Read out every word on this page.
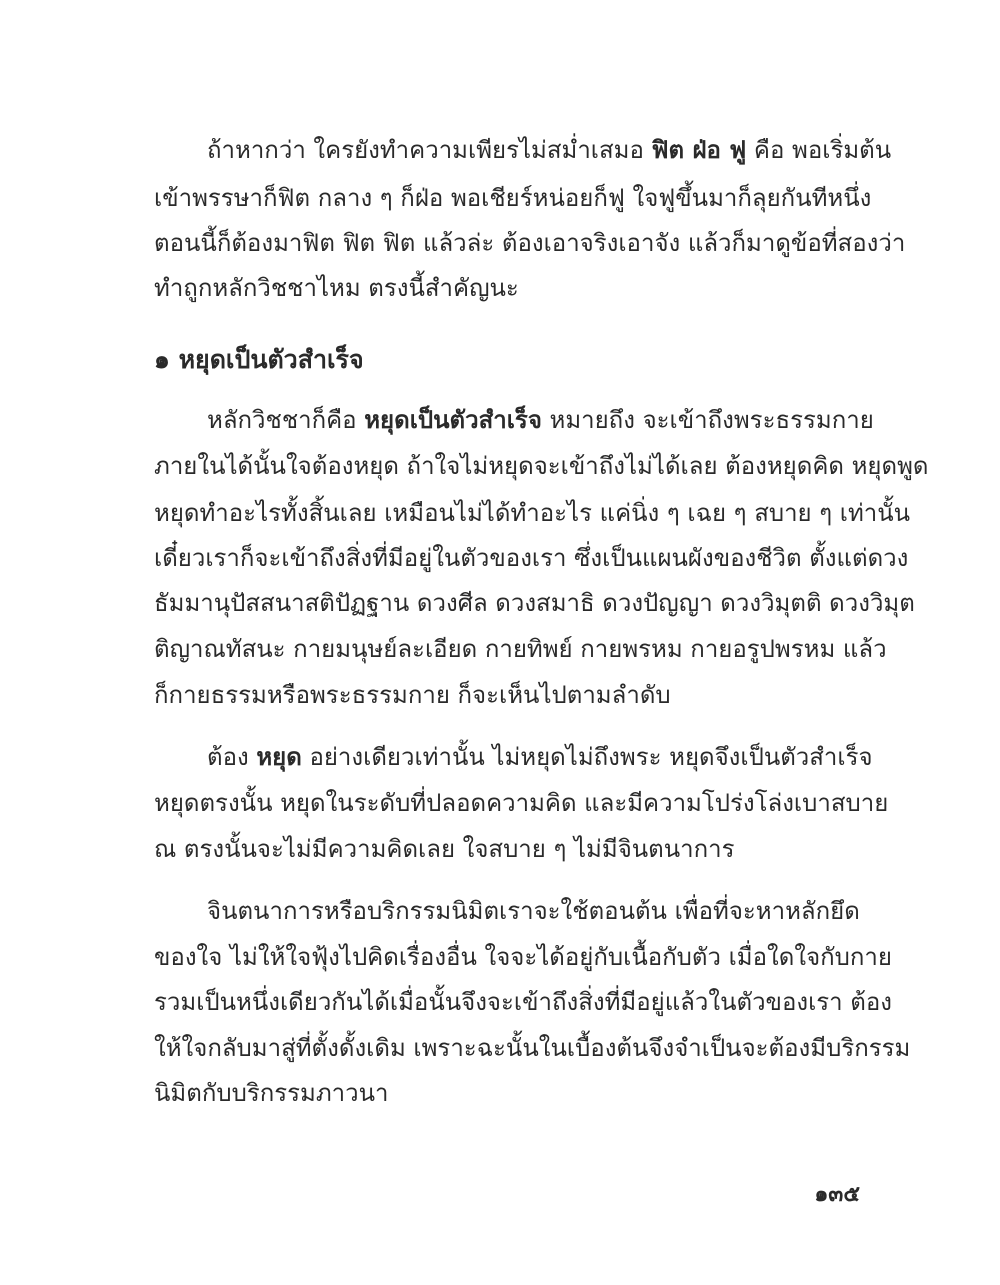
ถ้าหากว่า ใครยังทำความเพียรไม่สม่ำเสมอ ฟิต ฝ่อ ฟู คือ พอเริ่มต้น
เข้าพรรษาก็ฟิต กลาง ๆ ก็ฝ่อ พอเชียร์หน่อยก็ฟู ใจฟูขึ้นมาก็ลุยกันทีหนึ่ง
ตอนนี้ก็ต้องมาฟิต ฟิต ฟิต แล้วล่ะ ต้องเอาจริงเอาจัง แล้วก็มาดูข้อที่สองว่า
ทำถูกหลักวิชชาไหม ตรงนี้สำคัญนะ
๑ หยุดเป็นตัวสำเร็จ
หลักวิชชาก็คือ หยุดเป็นตัวสำเร็จ หมายถึง จะเข้าถึงพระธรรมกาย
ภายในได้นั้นใจต้องหยุด ถ้าใจไม่หยุดจะเข้าถึงไม่ได้เลย ต้องหยุดคิด หยุดพูด
หยุดทำอะไรทั้งสิ้นเลย เหมือนไม่ได้ทำอะไร แค่นิ่ง ๆ เฉย ๆ สบาย ๆ เท่านั้น
เดี๋ยวเราก็จะเข้าถึงสิ่งที่มีอยู่ในตัวของเรา ซึ่งเป็นแผนผังของชีวิต ตั้งแต่ดวง
ธัมมานุปัสสนาสติปัฏฐาน ดวงศีล ดวงสมาธิ ดวงปัญญา ดวงวิมุตติ ดวงวิมุต
ติญาณทัสนะ กายมนุษย์ละเอียด กายทิพย์ กายพรหม กายอรูปพรหม แล้ว
ก็กายธรรมหรือพระธรรมกาย ก็จะเห็นไปตามลำดับ
ต้อง หยุด อย่างเดียวเท่านั้น ไม่หยุดไม่ถึงพระ หยุดจึงเป็นตัวสำเร็จ
หยุดตรงนั้น หยุดในระดับที่ปลอดความคิด และมีความโปร่งโล่งเบาสบาย
ณ ตรงนั้นจะไม่มีความคิดเลย ใจสบาย ๆ ไม่มีจินตนาการ
จินตนาการหรือบริกรรมนิมิตเราจะใช้ตอนต้น เพื่อที่จะหาหลักยึด
ของใจ ไม่ให้ใจฟุ้งไปคิดเรื่องอื่น ใจจะได้อยู่กับเนื้อกับตัว เมื่อใดใจกับกาย
รวมเป็นหนึ่งเดียวกันได้เมื่อนั้นจึงจะเข้าถึงสิ่งที่มีอยู่แล้วในตัวของเรา ต้อง
ให้ใจกลับมาสู่ที่ตั้งดั้งเดิม เพราะฉะนั้นในเบื้องต้นจึงจำเป็นจะต้องมีบริกรรม
นิมิตกับบริกรรมภาวนา
๑๓๕
